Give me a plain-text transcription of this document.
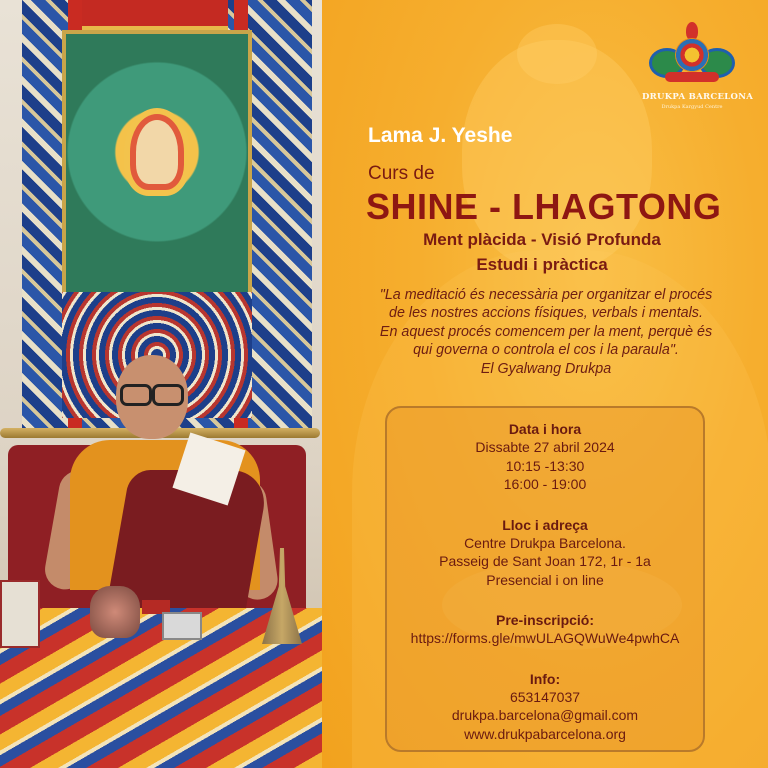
DRUKPA BARCELONA
Drukpa Kargyud Centre
Lama J. Yeshe
Curs de
SHINE - LHAGTONG
Ment plàcida - Visió Profunda
Estudi i pràctica
"La meditació és necessària per organitzar el procés
de les nostres accions físiques, verbals i mentals.
En aquest procés comencem per la ment, perquè és
qui governa o controla el cos i la paraula".
El Gyalwang Drukpa
Data i hora
Dissabte 27 abril 2024
10:15 -13:30
16:00 - 19:00
Lloc i adreça
Centre Drukpa Barcelona.
Passeig de Sant Joan 172, 1r - 1a
Presencial i on line
Pre-inscripció:
https://forms.gle/mwULAGQWuWe4pwhCA
Info:
653147037
drukpa.barcelona@gmail.com
www.drukpabarcelona.org
